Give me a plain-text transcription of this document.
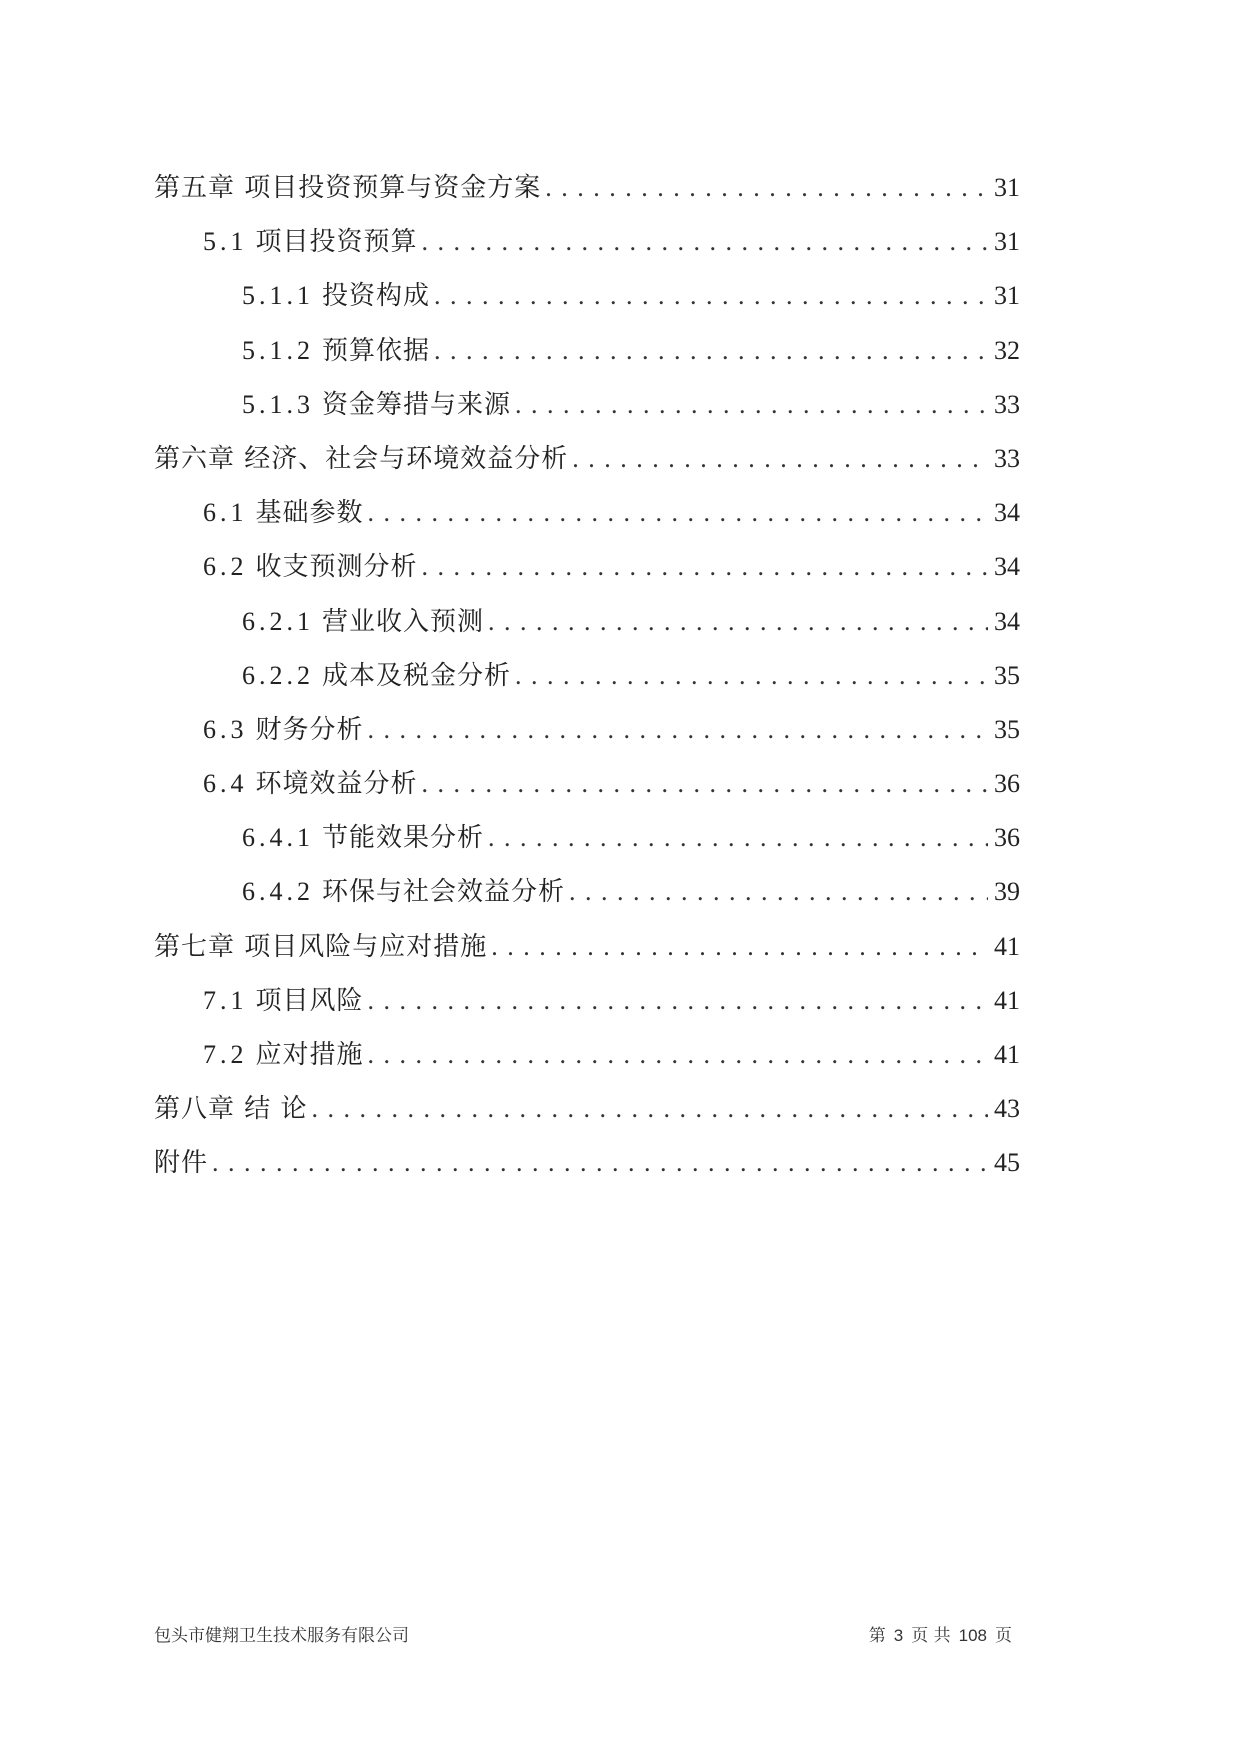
第五章 项目投资预算与资金方案 .....	31
5.1 项目投资预算 .....	31
5.1.1 投资构成 .....	31
5.1.2 预算依据 .....	32
5.1.3 资金筹措与来源 .....	33
第六章 经济、社会与环境效益分析 .....	33
6.1 基础参数 .....	34
6.2 收支预测分析 .....	34
6.2.1 营业收入预测 .....	34
6.2.2 成本及税金分析 .....	35
6.3 财务分析 .....	35
6.4 环境效益分析 .....	36
6.4.1 节能效果分析 .....	36
6.4.2 环保与社会效益分析 .....	39
第七章 项目风险与应对措施 .....	41
7.1 项目风险 .....	41
7.2 应对措施 .....	41
第八章 结 论 .....	43
附件 .....	45
包头市健翔卫生技术服务有限公司	第 3 页 共 108 页
